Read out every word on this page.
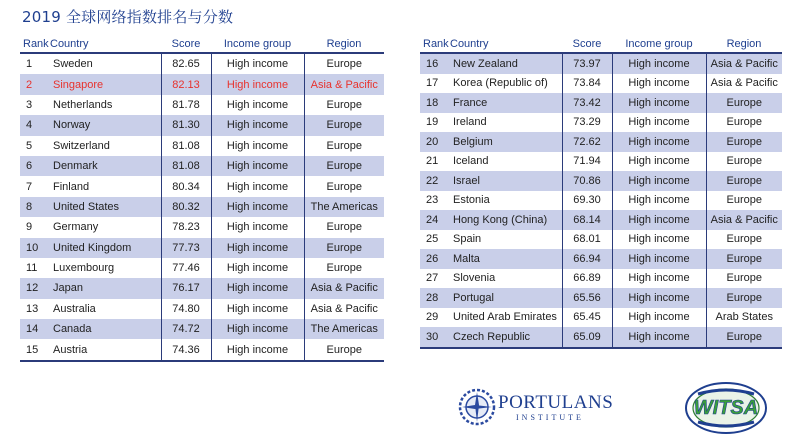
2019 全球网络指数排名与分数
Rank	Country	Score	Income group	Region
1	Sweden	82.65	High income	Europe
2	Singapore	82.13	High income	Asia & Pacific
3	Netherlands	81.78	High income	Europe
4	Norway	81.30	High income	Europe
5	Switzerland	81.08	High income	Europe
6	Denmark	81.08	High income	Europe
7	Finland	80.34	High income	Europe
8	United States	80.32	High income	The Americas
9	Germany	78.23	High income	Europe
10	United Kingdom	77.73	High income	Europe
11	Luxembourg	77.46	High income	Europe
12	Japan	76.17	High income	Asia & Pacific
13	Australia	74.80	High income	Asia & Pacific
14	Canada	74.72	High income	The Americas
15	Austria	74.36	High income	Europe
Rank	Country	Score	Income group	Region
16	New Zealand	73.97	High income	Asia & Pacific
17	Korea (Republic of)	73.84	High income	Asia & Pacific
18	France	73.42	High income	Europe
19	Ireland	73.29	High income	Europe
20	Belgium	72.62	High income	Europe
21	Iceland	71.94	High income	Europe
22	Israel	70.86	High income	Europe
23	Estonia	69.30	High income	Europe
24	Hong Kong (China)	68.14	High income	Asia & Pacific
25	Spain	68.01	High income	Europe
26	Malta	66.94	High income	Europe
27	Slovenia	66.89	High income	Europe
28	Portugal	65.56	High income	Europe
29	United Arab Emirates	65.45	High income	Arab States
30	Czech Republic	65.09	High income	Europe
PORTULANS
INSTITUTE	WITSA
